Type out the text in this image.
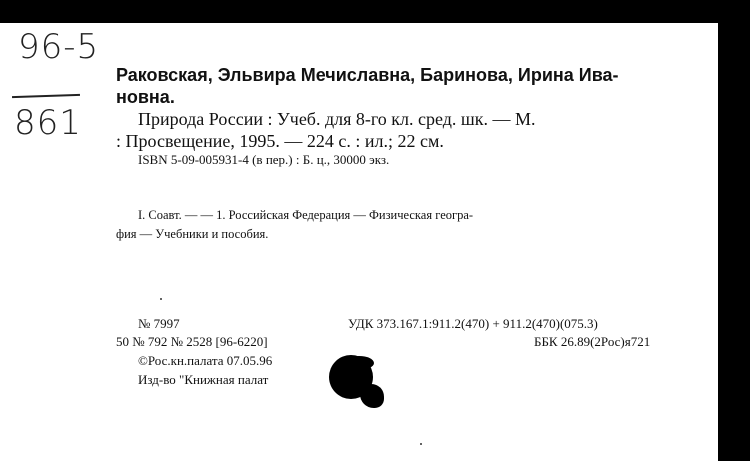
96-5
861
Раковская, Эльвира Мечиславна, Баринова, Ирина Ива-
новна.
Природа России : Учеб. для 8-го кл. сред. шк. — М.
: Просвещение, 1995. — 224 с. : ил.; 22 см.
ISBN 5-09-005931-4 (в пер.) : Б. ц., 30000 экз.
I. Соавт. — — 1. Российская Федерация — Физическая геогра-
фия — Учебники и пособия.
№ 7997	УДК 373.167.1:911.2(470) + 911.2(470)(075.3)
50 № 792 № 2528 [96-6220]	ББК 26.89(2Рос)я721
©Рос.кн.палата 07.05.96
Изд-во "Книжная палат
